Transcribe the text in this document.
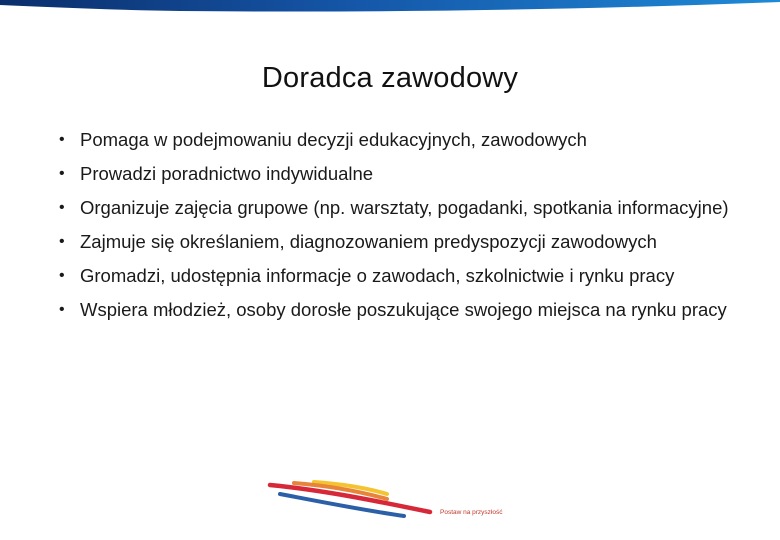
Doradca zawodowy
• Pomaga w podejmowaniu decyzji edukacyjnych, zawodowych
• Prowadzi poradnictwo indywidualne
• Organizuje zajęcia grupowe (np. warsztaty, pogadanki, spotkania informacyjne)
• Zajmuje się określaniem, diagnozowaniem predyspozycji zawodowych
• Gromadzi, udostępnia informacje o zawodach, szkolnictwie i rynku pracy
• Wspiera młodzież, osoby dorosłe poszukujące swojego miejsca na rynku pracy
Postaw na przyszłość
